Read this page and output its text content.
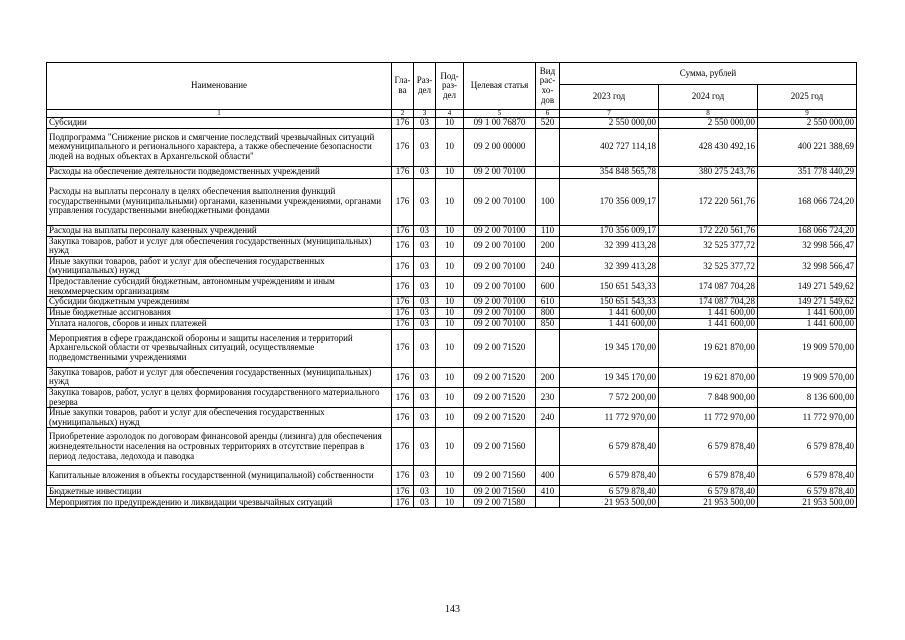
Наименование	Гла-ва	Раз-дел	Под-раз-дел	Целевая статья	Вид рас-хо-дов	Сумма, рублей		
						2023 год	2024 год	2025 год
1	2	3	4	5	6	7	8	9
Субсидии	176	03	10	09 1 00 76870	520	2 550 000,00	2 550 000,00	2 550 000,00
Подпрограмма "Снижение рисков и смягчение последствий чрезвычайных ситуаций межмуниципального и регионального характера, а также обеспечение безопасности людей на водных объектах в Архангельской области"	176	03	10	09 2 00 00000		402 727 114,18	428 430 492,16	400 221 388,69
Расходы на обеспечение деятельности подведомственных учреждений	176	03	10	09 2 00 70100		354 848 565,78	380 275 243,76	351 778 440,29
Расходы на выплаты персоналу в целях обеспечения выполнения функций государственными (муниципальными) органами, казенными учреждениями, органами управления государственными внебюджетными фондами	176	03	10	09 2 00 70100	100	170 356 009,17	172 220 561,76	168 066 724,20
Расходы на выплаты персоналу казенных учреждений	176	03	10	09 2 00 70100	110	170 356 009,17	172 220 561,76	168 066 724,20
Закупка товаров, работ и услуг для обеспечения государственных (муниципальных) нужд	176	03	10	09 2 00 70100	200	32 399 413,28	32 525 377,72	32 998 566,47
Иные закупки товаров, работ и услуг для обеспечения государственных (муниципальных) нужд	176	03	10	09 2 00 70100	240	32 399 413,28	32 525 377,72	32 998 566,47
Предоставление субсидий бюджетным, автономным учреждениям и иным некоммерческим организациям	176	03	10	09 2 00 70100	600	150 651 543,33	174 087 704,28	149 271 549,62
Субсидии бюджетным учреждениям	176	03	10	09 2 00 70100	610	150 651 543,33	174 087 704,28	149 271 549,62
Иные бюджетные ассигнования	176	03	10	09 2 00 70100	800	1 441 600,00	1 441 600,00	1 441 600,00
Уплата налогов, сборов и иных платежей	176	03	10	09 2 00 70100	850	1 441 600,00	1 441 600,00	1 441 600,00
Мероприятия в сфере гражданской обороны и защиты населения и территорий Архангельской области от чрезвычайных ситуаций, осуществляемые подведомственными учреждениями	176	03	10	09 2 00 71520		19 345 170,00	19 621 870,00	19 909 570,00
Закупка товаров, работ и услуг для обеспечения государственных (муниципальных) нужд	176	03	10	09 2 00 71520	200	19 345 170,00	19 621 870,00	19 909 570,00
Закупка товаров, работ, услуг в целях формирования государственного материального резерва	176	03	10	09 2 00 71520	230	7 572 200,00	7 848 900,00	8 136 600,00
Иные закупки товаров, работ и услуг для обеспечения государственных (муниципальных) нужд	176	03	10	09 2 00 71520	240	11 772 970,00	11 772 970,00	11 772 970,00
Приобретение аэролодок по договорам финансовой аренды (лизинга) для обеспечения жизнедеятельности населения на островных территориях в отсутствие переправ в период ледостава, ледохода и паводка	176	03	10	09 2 00 71560		6 579 878,40	6 579 878,40	6 579 878,40
Капитальные вложения в объекты государственной (муниципальной) собственности	176	03	10	09 2 00 71560	400	6 579 878,40	6 579 878,40	6 579 878,40
Бюджетные инвестиции	176	03	10	09 2 00 71560	410	6 579 878,40	6 579 878,40	6 579 878,40
Мероприятия по предупреждению и ликвидации чрезвычайных ситуаций	176	03	10	09 2 00 71580		21 953 500,00	21 953 500,00	21 953 500,00
143
